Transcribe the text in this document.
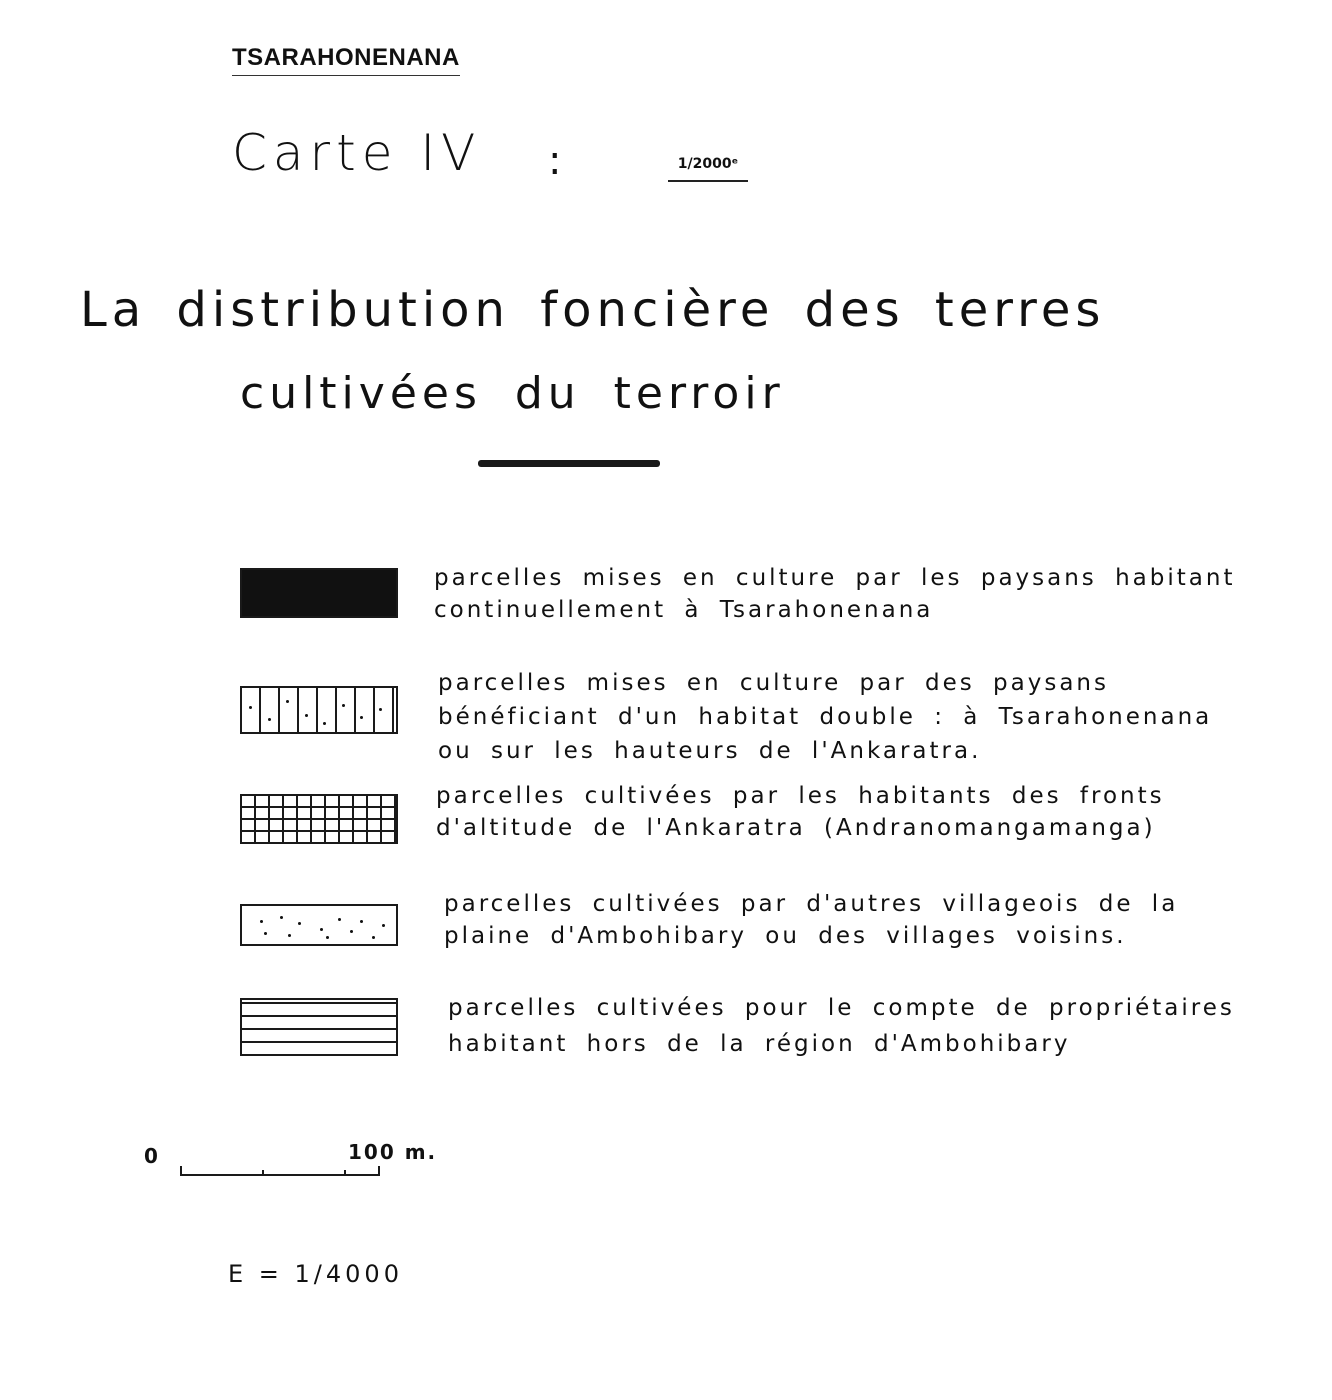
TSARAHONENANA
Carte IV :	1/2000ᵉ
La distribution foncière des terres
cultivées du terroir
parcelles mises en culture par les paysans habitant continuellement à Tsarahonenana
parcelles mises en culture par des paysans bénéficiant d'un habitat double : à Tsarahonenana ou sur les hauteurs de l'Ankaratra.
parcelles cultivées par les habitants des fronts d'altitude de l'Ankaratra (Andranomangamanga)
parcelles cultivées par d'autres villageois de la plaine d'Ambohibary ou des villages voisins.
parcelles cultivées pour le compte de propriétaires habitant hors de la région d'Ambohibary
0	100 m.
E = 1/4000
